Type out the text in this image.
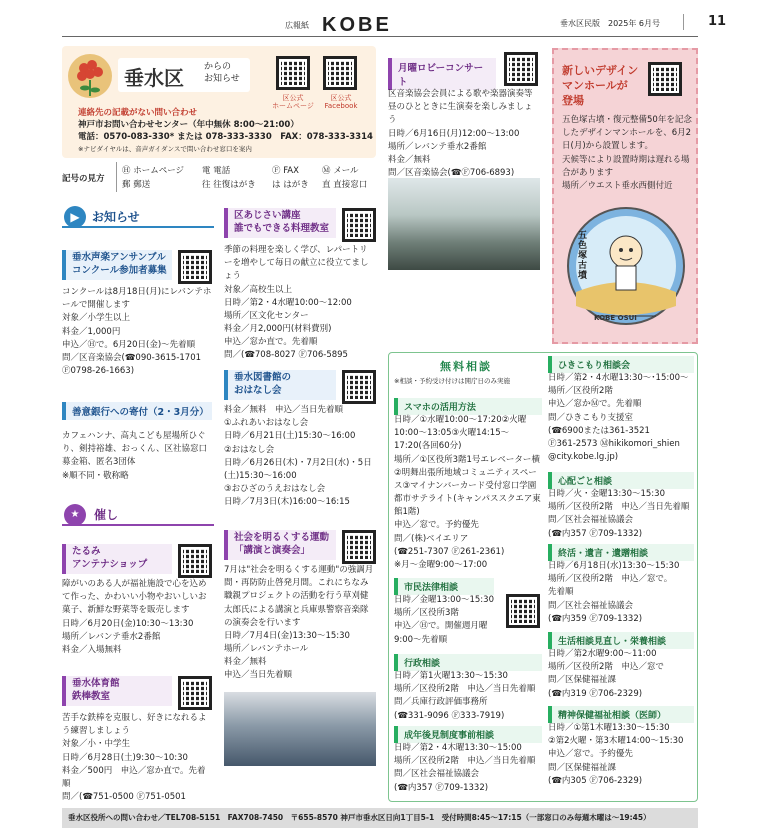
広報紙 KOBE	垂水区民版　2025年 6月号	11
垂水区 からの
お知らせ
区公式
ホームページ
区公式
Facebook
連絡先の記載がない問い合わせ
神戸市お問い合わせセンター（年中無休 8:00～21:00）
電話：0570-083-330* または 078-333-3330　FAX：078-333-3314
※ナビダイヤルは、音声ガイダンスで問い合わせ窓口を案内
記号の見方
Ⓗ ホームページ 電 電話	Ⓕ FAX	Ⓜ メール
郵 郵送	往 往復はがき は はがき 直 直接窓口
▶	お知らせ
垂水声楽アンサンブル
コンクール参加者募集
コンクールは8月18日(月)にレバンテホールで開催します
対象／小学生以上
料金／1,000円
申込／Ⓗで。6月20日(金)～先着順
問／区音楽協会(☎090-3615-1701
Ⓕ0798-26-1663)
善意銀行への寄付（2・3月分）
カフェハンナ、高丸こども屋場所ひぐり、剣持裕雄、おっくん、区社協窓口募金箱、匿名3団体
※順不同・敬称略
★	催し
たるみ
アンテナショップ
障がいのある人が福祉施設で心を込めて作った、かわいい小物やおいしいお菓子、新鮮な野菜等を販売します
日時／6月20日(金)10:30～13:30
場所／レバンテ垂水2番館
料金／入場無料
垂水体育館
鉄棒教室
苦手な鉄棒を克服し、好きになれるよう練習しましょう
対象／小・中学生
日時／6月28日(土)9:30～10:30
料金／500円　申込／窓か直で。先着順
問／(☎751-0500 Ⓕ751-0501
区あじさい講座
誰でもできる料理教室
季節の料理を楽しく学び、レパートリーを増やして毎日の献立に役立てましょう
対象／高校生以上
日時／第2・4水曜10:00～12:00
場所／区文化センター
料金／月2,000円(材料費別)
申込／窓か直で。先着順
問／(☎708-8027 Ⓕ706-5895
垂水図書館の
おはなし会
料金／無料　申込／当日先着順
①ふれあいおはなし会
日時／6月21日(土)15:30～16:00
②おはなし会
日時／6月26日(木)・7月2日(水)・5日(土)15:30～16:00
③おひざのうえおはなし会
日時／7月3日(木)16:00～16:15
社会を明るくする運動
「講演と演奏会」
7月は"社会を明るくする運動"の強調月間・再防防止啓発月間。これにちなみ職親プロジェクトの活動を行う草刈健太郎氏による講演と兵庫県警察音楽隊の演奏会を行います
日時／7月4日(金)13:30～15:30
場所／レバンテホール
料金／無料
申込／当日先着順
月曜ロビーコンサート
区音楽協会会員による歌や楽器演奏等昼のひとときに生演奏を楽しみましょう
日時／6月16日(月)12:00～13:00
場所／レバンテ垂水2番館
料金／無料
問／区音楽協会(☎Ⓕ706-6893)
新しいデザイン
マンホールが
登場
五色塚古墳・復元整備50年を記念したデザインマンホールを、6月2日(月)から設置します。
天候等により設置時期は遅れる場合があります
場所／ウエスト垂水西側付近
五色塚古墳
KOBE OSUI
無料相談
※相談・予約受け付けは開庁日のみ実施
スマホの活用方法
日時／①水曜10:00～17:20②火曜10:00～13:05③火曜14:15～17:20(各回60分)
場所／①区役所3階1号エレベーター横②明舞出張所地域コミュニティスペース③マイナンバーカード受付窓口学園都市サテライト(キャンパススクエア東館1階)
申込／窓で。予約優先
問／(株)ベイエリア
(☎251-7307 Ⓕ261-2361)
※月～金曜9:00～17:00
市民法律相談
日時／金曜13:00～15:30
場所／区役所3階
申込／Ⓗで。開催週月曜
9:00～先着順
行政相談
日時／第1火曜13:30～15:30
場所／区役所2階　申込／当日先着順
問／兵庫行政評価事務所
(☎331-9096 Ⓕ333-7919)
成年後見制度事前相談
日時／第2・4木曜13:30～15:00
場所／区役所2階　申込／当日先着順
問／区社会福祉協議会
(☎内357 Ⓕ709-1332)
ひきこもり相談会
日時／第2・4水曜13:30～･15:00～
場所／区役所2階
申込／窓かⓂで。先着順
問／ひきこもり支援室
(☎6900または361-3521
Ⓕ361-2573 Ⓜhikikomori_shien
@city.kobe.lg.jp)
心配ごと相談
日時／火・金曜13:30～15:30
場所／区役所2階　申込／当日先着順
問／区社会福祉協議会
(☎内357 Ⓕ709-1332)
終活・遺言・遺贈相談
日時／6月18日(水)13:30～15:30
場所／区役所2階　申込／窓で。
先着順
問／区社会福祉協議会
(☎内359 Ⓕ709-1332)
生活相談見直し・栄養相談
日時／第2水曜9:00～11:00
場所／区役所2階　申込／窓で
問／区保健福祉課
(☎内319 Ⓕ706-2329)
精神保健福祉相談（医師）
日時／①第1木曜13:30～15:30
②第2火曜・第3木曜14:00～15:30
申込／窓で。予約優先
問／区保健福祉課
(☎内305 Ⓕ706-2329)
垂水区役所への問い合わせ／TEL708-5151　FAX708-7450　〒655-8570 神戸市垂水区日向1丁目5-1　受付時間8:45～17:15（一部窓口のみ毎週木曜は～19:45）
